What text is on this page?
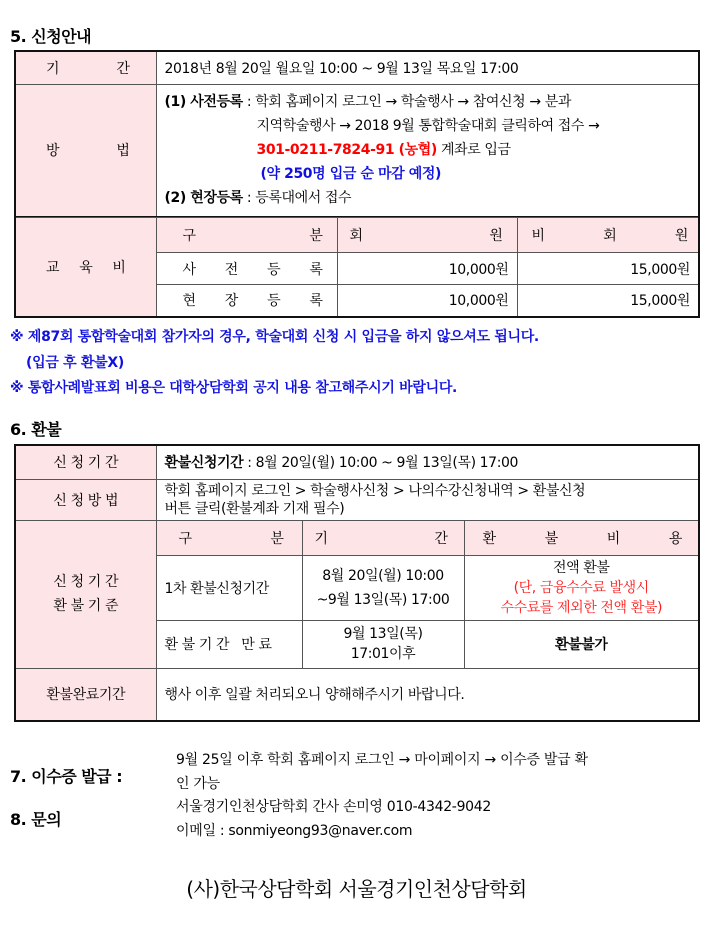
5. 신청안내
기 간	2018년 8월 20일 월요일 10:00 ~ 9월 13일 목요일 17:00

방 법	(1) 사전등록 : 학회 홈페이지 로그인 → 학술행사 → 참여신청 → 분과
지역학술행사 → 2018 9월 통합학술대회 클릭하여 접수 →
301-0211-7824-91 (농협) 계좌로 입금
(약 250명 입금 순 마감 예정)
(2) 현장등록 : 등록대에서 접수
교 육 비	구 분	회 원	비 회 원

	사 전 등 록	10,000원	15,000원

	현 장 등 록	10,000원	15,000원
※ 제87회 통합학술대회 참가자의 경우, 학술대회 신청 시 입금을 하지 않으셔도 됩니다.
(입금 후 환불X)
※ 통합사례발표회 비용은 대학상담학회 공지 내용 참고해주시기 바랍니다.
6. 환불
신 청 기 간	환불신청기간 : 8월 20일(월) 10:00 ~ 9월 13일(목) 17:00		
신 청 방 법	학회 홈페이지 로그인 > 학술행사신청 > 나의수강신청내역 > 환불신청
버튼 클릭(환불계좌 기재 필수)		

신 청 기 간
환 불 기 준	구 분	기 간	환 불 비 용

	1차 환불신청기간	8월 20일(월) 10:00
~9월 13일(목) 17:00	전액 환불
(단, 금융수수료 발생시
수수료를 제외한 전액 환불)

	환 불 기 간   만 료	9월 13일(목)
17:01이후	환불불가
환불완료기간	행사 이후 일괄 처리되오니 양해해주시기 바랍니다.		
7. 이수증 발급 :
9월 25일 이후 학회 홈페이지 로그인 → 마이페이지 → 이수증 발급 확
인 가능
8. 문의
서울경기인천상담학회 간사 손미영 010-4342-9042
이메일 : sonmiyeong93@naver.com
(사)한국상담학회 서울경기인천상담학회
